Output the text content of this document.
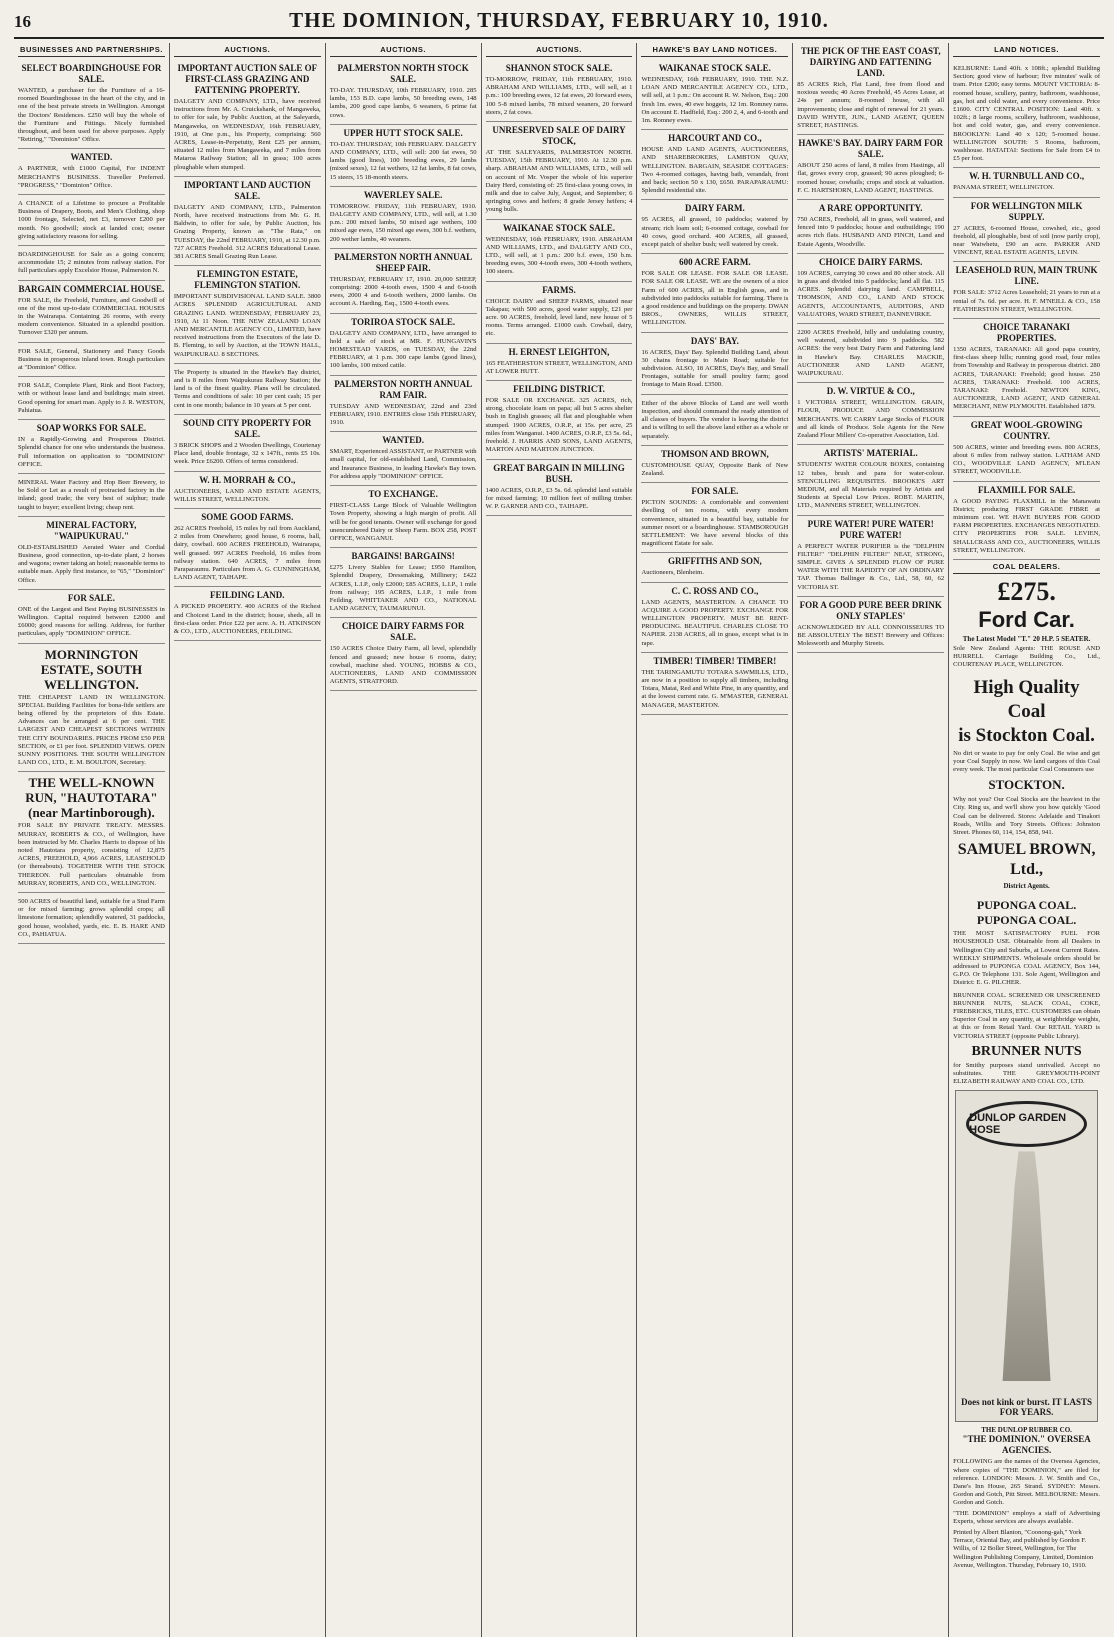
16	THE DOMINION, THURSDAY, FEBRUARY 10, 1910.
BUSINESSES AND PARTNERSHIPS.
SELECT BOARDINGHOUSE FOR SALE.
WANTED, a purchaser for the Furniture of a 16-roomed Boardinghouse in the heart of the city, and in one of the best private streets in Wellington. Amongst the Doctors' Residences. £250 will buy the whole of the Furniture and Fittings. Nicely furnished throughout, and been used for above purposes. Apply "Retiring," "Dominion" Office.
WANTED.
A PARTNER, with £1000 Capital, For INDENT MERCHANT'S BUSINESS. Traveller Preferred. "PROGRESS," "Dominion" Office.
A CHANCE of a Lifetime to procure a Profitable Business of Drapery, Boots, and Men's Clothing, shop 1000 frontage, Selected, net £3, turnover £200 per month. No goodwill; stock at landed cost; owner giving satisfactory reasons for selling.
BOARDINGHOUSE for Sale as a going concern; accommodate 15; 2 minutes from railway station. For full particulars apply Excelsior House, Palmerston N.
BARGAIN COMMERCIAL HOUSE.
FOR SALE, the Freehold, Furniture, and Goodwill of one of the most up-to-date COMMERCIAL HOUSES in the Wairarapa. Containing 26 rooms, with every modern convenience. Situated in a splendid position. Turnover £320 per annum.
FOR SALE, General, Stationery and Fancy Goods Business in prosperous inland town. Rough particulars at "Dominion" Office.
FOR SALE, Complete Plant, Rink and Boot Factory, with or without lease land and buildings; main street. Good opening for smart man. Apply to J. R. WESTON, Pahiatua.
SOAP WORKS FOR SALE.
IN a Rapidly-Growing and Prosperous District. Splendid chance for one who understands the business. Full information on application to "DOMINION" OFFICE.
MINERAL Water Factory and Hop Beer Brewery, to be Sold or Let as a result of protracted factory in the inland; good trade; the very best of sulphur; trade taught to buyer; excellent living; cheap rent.
MINERAL FACTORY, "WAIPUKURAU."
OLD-ESTABLISHED Aerated Water and Cordial Business, good connection, up-to-date plant, 2 horses and wagons; owner taking an hotel; reasonable terms to suitable man. Apply first instance, to "65," "Dominion" Office.
FOR SALE.
ONE of the Largest and Best Paying BUSINESSES in Wellington. Capital required between £2000 and £6000; good reasons for selling. Address, for further particulars, apply "DOMINION" OFFICE.
MORNINGTON ESTATE, SOUTH WELLINGTON.
THE CHEAPEST LAND IN WELLINGTON. SPECIAL Building Facilities for bona-fide settlers are being offered by the proprietors of this Estate. Advances can be arranged at 6 per cent. THE LARGEST AND CHEAPEST SECTIONS WITHIN THE CITY BOUNDARIES. PRICES FROM £50 PER SECTION, or £1 per foot. SPLENDID VIEWS. OPEN SUNNY POSITIONS. THE SOUTH WELLINGTON LAND CO., LTD., E. M. BOULTON, Secretary.
THE WELL-KNOWN RUN, "HAUTOTARA" (near Martinborough).
FOR SALE BY PRIVATE TREATY. MESSRS. MURRAY, ROBERTS & CO., of Wellington, have been instructed by Mr. Charles Harris to dispose of his noted Hautotara property, consisting of 12,875 ACRES, FREEHOLD, 4,966 ACRES, LEASEHOLD (or thereabouts). TOGETHER WITH THE STOCK THEREON. Full particulars obtainable from MURRAY, ROBERTS, AND CO., WELLINGTON.
500 ACRES of beautiful land, suitable for a Stud Farm or for mixed farming; grows splendid crops; all limestone formation; splendidly watered, 31 paddocks, good house, woolshed, yards, etc. E. B. HARE AND CO., PAHIATUA.
AUCTIONS.
IMPORTANT AUCTION SALE OF FIRST-CLASS GRAZING AND FATTENING PROPERTY.
DALGETY AND COMPANY, LTD., have received instructions from Mr. A. Cruickshank, of Mangaweka, to offer for sale, by Public Auction, at the Saleyards, Mangaweka, on WEDNESDAY, 16th FEBRUARY, 1910, at One p.m., his Property, comprising: 560 ACRES, Lease-in-Perpetuity, Rent £25 per annum, situated 12 miles from Mangaweka, and 7 miles from Mataroa Railway Station; all in grass; 100 acres ploughable when stumped.
IMPORTANT LAND AUCTION SALE.
DALGETY AND COMPANY, LTD., Palmerston North, have received instructions from Mr. G. H. Baldwin, to offer for sale, by Public Auction, his Grazing Property, known as "The Rata," on TUESDAY, the 22nd FEBRUARY, 1910, at 12.30 p.m. 727 ACRES Freehold. 312 ACRES Educational Lease. 381 ACRES Small Grazing Run Lease.
FLEMINGTON ESTATE, FLEMINGTON STATION.
IMPORTANT SUBDIVISIONAL LAND SALE. 3800 ACRES SPLENDID AGRICULTURAL AND GRAZING LAND. WEDNESDAY, FEBRUARY 23, 1910, At 11 Noon. THE NEW ZEALAND LOAN AND MERCANTILE AGENCY CO., LIMITED, have received instructions from the Executors of the late D. B. Fleming, to sell by Auction, at the TOWN HALL, WAIPUKURAU. 8 SECTIONS.
The Property is situated in the Hawke's Bay district, and is 8 miles from Waipukurau Railway Station; the land is of the finest quality. Plans will be circulated. Terms and conditions of sale: 10 per cent cash; 15 per cent in one month; balance in 10 years at 5 per cent.
SOUND CITY PROPERTY FOR SALE.
3 BRICK SHOPS and 2 Wooden Dwellings, Courtenay Place land, double frontage, 32 x 147ft., rents £5 10s. week. Price £6200. Offers of terms considered.
W. H. MORRAH & CO.,
AUCTIONEERS, LAND AND ESTATE AGENTS, WILLIS STREET, WELLINGTON.
SOME GOOD FARMS.
262 ACRES Freehold, 15 miles by rail from Auckland, 2 miles from Onewhero; good house, 6 rooms, hall, dairy, cowbail. 600 ACRES FREEHOLD, Wairarapa, well grassed. 997 ACRES Freehold, 16 miles from railway station. 640 ACRES, 7 miles from Paraparaumu. Particulars from A. G. CUNNINGHAM, LAND AGENT, TAIHAPE.
FEILDING LAND.
A PICKED PROPERTY. 400 ACRES of the Richest and Choicest Land in the district; house, sheds, all in first-class order. Price £22 per acre. A. H. ATKINSON & CO., LTD., AUCTIONEERS, FEILDING.
AUCTIONS.
PALMERSTON NORTH STOCK SALE.
TO-DAY. THURSDAY, 10th FEBRUARY, 1910. 285 lambs, 153 B.D. cape lambs, 50 breeding ewes, 148 lambs, 200 good cape lambs, 6 weaners, 6 prime fat cows.
UPPER HUTT STOCK SALE.
TO-DAY. THURSDAY, 10th FEBRUARY. DALGETY AND COMPANY, LTD., will sell: 200 fat ewes, 50 lambs (good lines), 100 breeding ewes, 29 lambs (mixed sexes), 12 fat wethers, 12 fat lambs, 8 fat cows, 15 steers, 15 18-month steers.
WAVERLEY SALE.
TOMORROW. FRIDAY, 11th FEBRUARY, 1910. DALGETY AND COMPANY, LTD., will sell, at 1.30 p.m.: 200 mixed lambs, 50 mixed age wethers, 100 mixed age ewes, 150 mixed age ewes, 300 b.f. wethers, 200 wether lambs, 40 weaners.
PALMERSTON NORTH ANNUAL SHEEP FAIR.
THURSDAY, FEBRUARY 17, 1910. 20,000 SHEEP, comprising: 2000 4-tooth ewes, 1500 4 and 6-tooth ewes, 2000 4 and 6-tooth wethers, 2000 lambs. On account A. Harding, Esq., 1500 4-tooth ewes.
TORIROA STOCK SALE.
DALGETY AND COMPANY, LTD., have arranged to hold a sale of stock at MR. F. HUNGAVIN'S HOMESTEAD YARDS, on TUESDAY, the 22nd FEBRUARY, at 1 p.m. 300 cape lambs (good lines), 100 lambs, 100 mixed cattle.
PALMERSTON NORTH ANNUAL RAM FAIR.
TUESDAY AND WEDNESDAY, 22nd and 23rd FEBRUARY, 1910. ENTRIES close 15th FEBRUARY, 1910.
WANTED.
SMART, Experienced ASSISTANT, or PARTNER with small capital, for old-established Land, Commission, and Insurance Business, in leading Hawke's Bay town. For address apply "DOMINION" OFFICE.
TO EXCHANGE.
FIRST-CLASS Large Block of Valuable Wellington Town Property, showing a high margin of profit. All will be for good tenants. Owner will exchange for good unencumbered Dairy or Sheep Farm. BOX 258, POST OFFICE, WANGANUI.
BARGAINS! BARGAINS!
£275 Livery Stables for Lease; £950 Hamilton, Splendid Drapery, Dressmaking, Millinery; £422 ACRES, L.I.P., only £2000; £85 ACRES, L.I.P., 1 mile from railway; 195 ACRES, L.I.P., 1 mile from Feilding. WHITTAKER AND CO., NATIONAL LAND AGENCY, TAUMARUNUI.
CHOICE DAIRY FARMS FOR SALE.
150 ACRES Choice Dairy Farm, all level, splendidly fenced and grassed; new house 6 rooms, dairy; cowbail, machine shed. YOUNG, HOBBS & CO., AUCTIONEERS, LAND AND COMMISSION AGENTS, STRATFORD.
AUCTIONS.
SHANNON STOCK SALE.
TO-MORROW, FRIDAY, 11th FEBRUARY, 1910. ABRAHAM AND WILLIAMS, LTD., will sell, at 1 p.m.: 100 breeding ewes, 12 fat ewes, 20 forward ewes, 100 5-8 mixed lambs, 78 mixed weaners, 20 forward steers, 2 fat cows.
UNRESERVED SALE OF DAIRY STOCK,
AT THE SALEYARDS, PALMERSTON NORTH. TUESDAY, 15th FEBRUARY, 1910. At 12.30 p.m. sharp. ABRAHAM AND WILLIAMS, LTD., will sell on account of Mr. Vosper the whole of his superior Dairy Herd, consisting of: 25 first-class young cows, in milk and due to calve July, August, and September; 6 springing cows and heifers; 8 grade Jersey heifers; 4 young bulls.
WAIKANAE STOCK SALE.
WEDNESDAY, 16th FEBRUARY, 1910. ABRAHAM AND WILLIAMS, LTD., and DALGETY AND CO., LTD., will sell, at 1 p.m.: 200 b.f. ewes, 150 b.m. breeding ewes, 300 4-tooth ewes, 300 4-tooth wethers, 100 steers.
FARMS.
CHOICE DAIRY and SHEEP FARMS, situated near Takapau; with 500 acres, good water supply, £21 per acre. 90 ACRES, freehold, level land, new house of 5 rooms. Terms arranged. £1000 cash. Cowbail, dairy, etc.
H. ERNEST LEIGHTON,
165 FEATHERSTON STREET, WELLINGTON, AND AT LOWER HUTT.
FEILDING DISTRICT.
FOR SALE OR EXCHANGE. 325 ACRES, rich, strong, chocolate loam on papa; all but 5 acres shelter bush in English grasses; all flat and ploughable when stumped. 1900 ACRES, O.R.P., at 15s. per acre, 25 miles from Wanganui. 1400 ACRES, O.R.P., £3 5s. 6d., freehold. J. HARRIS AND SONS, LAND AGENTS, MARTON AND MARTON JUNCTION.
GREAT BARGAIN IN MILLING BUSH.
1400 ACRES, O.R.P., £3 5s. 6d. splendid land suitable for mixed farming; 10 million feet of milling timber. W. P. GARNER AND CO., TAIHAPE.
HAWKE'S BAY LAND NOTICES.
WAIKANAE STOCK SALE.
WEDNESDAY, 16th FEBRUARY, 1910. THE N.Z. LOAN AND MERCANTILE AGENCY CO., LTD., will sell, at 1 p.m.: On account R. W. Nelson, Esq.: 200 fresh 1m. ewes, 40 ewe hoggets, 12 1m. Romney rams. On account E. Hadfield, Esq.: 200 2, 4, and 6-tooth and 1m. Romney ewes.
HARCOURT AND CO.,
HOUSE AND LAND AGENTS, AUCTIONEERS, AND SHAREBROKERS, LAMBTON QUAY, WELLINGTON. BARGAIN, SEASIDE COTTAGES: Two 4-roomed cottages, having bath, verandah, front and back; section 50 x 130, £650. PARAPARAUMU: Splendid residential site.
DAIRY FARM.
95 ACRES, all grassed, 10 paddocks; watered by stream; rich loam soil; 6-roomed cottage, cowbail for 40 cows, good orchard. 400 ACRES, all grassed, except patch of shelter bush; well watered by creek.
600 ACRE FARM.
FOR SALE OR LEASE. FOR SALE OR LEASE. FOR SALE OR LEASE. WE are the owners of a nice Farm of 600 ACRES, all in English grass, and in subdivided into paddocks suitable for farming. There is a good residence and buildings on the property. DWAN BROS., OWNERS, WILLIS STREET, WELLINGTON.
DAYS' BAY.
16 ACRES, Days' Bay. Splendid Building Land, about 30 chains frontage to Main Road; suitable for subdivision. ALSO, 18 ACRES, Day's Bay, and Small Frontages, suitable for small poultry farm; good frontage to Main Road. £3500.
Either of the above Blocks of Land are well worth inspection, and should command the ready attention of all classes of buyers. The vendor is leaving the district and is willing to sell the above land either as a whole or separately.
THOMSON AND BROWN,
CUSTOMHOUSE QUAY, Opposite Bank of New Zealand.
FOR SALE.
PICTON SOUNDS: A comfortable and convenient dwelling of ten rooms, with every modern convenience, situated in a beautiful bay, suitable for summer resort or a boardinghouse. STAMBOROUGH SETTLEMENT: We have several blocks of this magnificent Estate for sale.
GRIFFITHS AND SON,
Auctioneers, Blenheim.
C. C. ROSS AND CO.,
LAND AGENTS, MASTERTON. A CHANCE TO ACQUIRE A GOOD PROPERTY. EXCHANGE FOR WELLINGTON PROPERTY. MUST BE RENT-PRODUCING. BEAUTIFUL CHARLES CLOSE TO NAPIER. 2138 ACRES, all in grass, except what is in rape.
TIMBER! TIMBER! TIMBER!
THE TARINGAMUTU TOTARA SAWMILLS, LTD., are now in a position to supply all timbers, including Totara, Matai, Red and White Pine, in any quantity, and at the lowest current rate. G. M'MASTER, GENERAL MANAGER, MASTERTON.
THE PICK OF THE EAST COAST, DAIRYING AND FATTENING LAND.
85 ACRES Rich, Flat Land, free from flood and noxious weeds; 40 Acres Freehold, 45 Acres Lease, at 24s per annum; 8-roomed house, with all improvements; close and right of renewal for 21 years. DAVID WHYTE, JUN., LAND AGENT, QUEEN STREET, HASTINGS.
HAWKE'S BAY. DAIRY FARM FOR SALE.
ABOUT 250 acres of land, 8 miles from Hastings, all flat, grows every crop, grassed; 90 acres ploughed; 6-roomed house; cowbails; crops and stock at valuation. F. C. HARTSHORN, LAND AGENT, HASTINGS.
A RARE OPPORTUNITY.
750 ACRES, Freehold, all in grass, well watered, and fenced into 9 paddocks; house and outbuildings; 190 acres rich flats. HUSBAND AND FINCH, Land and Estate Agents, Woodville.
CHOICE DAIRY FARMS.
109 ACRES, carrying 30 cows and 80 other stock. All in grass and divided into 5 paddocks; land all flat. 115 ACRES. Splendid dairying land. CAMPBELL, THOMSON, AND CO., LAND AND STOCK AGENTS, ACCOUNTANTS, AUDITORS, AND VALUATORS, WARD STREET, DANNEVIRKE.
2200 ACRES Freehold, hilly and undulating country, well watered, subdivided into 9 paddocks. 582 ACRES: the very best Dairy Farm and Fattening land in Hawke's Bay. CHARLES MACKIE, AUCTIONEER AND LAND AGENT, WAIPUKURAU.
D. W. VIRTUE & CO.,
1 VICTORIA STREET, WELLINGTON. GRAIN, FLOUR, PRODUCE AND COMMISSION MERCHANTS. WE CARRY Large Stocks of FLOUR and all kinds of Produce. Sole Agents for the New Zealand Flour Millers' Co-operative Association, Ltd.
ARTISTS' MATERIAL.
STUDENTS' WATER COLOUR BOXES, containing 12 tubes, brush and pans for water-colour. STENCILLING REQUISITES. BROOKE'S ART MEDIUM, and all Materials required by Artists and Students at Special Low Prices. ROBT. MARTIN, LTD., MANNERS STREET, WELLINGTON.
PURE WATER! PURE WATER! PURE WATER!
A PERFECT WATER PURIFIER is the "DELPHIN FILTER!" "DELPHIN FILTER!" NEAT, STRONG, SIMPLE. GIVES A SPLENDID FLOW OF PURE WATER WITH THE RAPIDITY OF AN ORDINARY TAP. Thomas Ballinger & Co., Ltd., 58, 60, 62 VICTORIA ST.
FOR A GOOD PURE BEER DRINK ONLY STAPLES'
ACKNOWLEDGED BY ALL CONNOISSEURS TO BE ABSOLUTELY The BEST! Brewery and Offices: Molesworth and Murphy Streets.
LAND NOTICES.
KELBURNE: Land 40ft. x 108ft.; splendid Building Section; good view of harbour; five minutes' walk of tram. Price £200; easy terms. MOUNT VICTORIA: 8-roomed house, scullery, pantry, bathroom, washhouse, gas, hot and cold water, and every convenience. Price £1600. CITY CENTRAL POSITION: Land 40ft. x 102ft.; 8 large rooms, scullery, bathroom, washhouse, hot and cold water, gas, and every convenience. BROOKLYN: Land 40 x 120; 5-roomed house. WELLINGTON SOUTH: 5 Rooms, bathroom, washhouse. HATAITAI: Sections for Sale from £4 to £5 per foot.
W. H. TURNBULL AND CO.,
PANAMA STREET, WELLINGTON.
FOR WELLINGTON MILK SUPPLY.
27 ACRES, 6-roomed House, cowshed, etc., good freehold, all ploughable, best of soil (now partly crop), near Waiwhetu, £90 an acre. PARKER AND VINCENT, REAL ESTATE AGENTS, LEVIN.
LEASEHOLD RUN, MAIN TRUNK LINE.
FOR SALE: 3712 Acres Leasehold; 21 years to run at a rental of 7s. 6d. per acre. H. F. M'NEILL & CO., 158 FEATHERSTON STREET, WELLINGTON.
CHOICE TARANAKI PROPERTIES.
1350 ACRES, TARANAKI: All good papa country, first-class sheep hills; running good road, four miles from Township and Railway in prosperous district. 280 ACRES, TARANAKI: Freehold; good house. 250 ACRES, TARANAKI: Freehold. 100 ACRES, TARANAKI: Freehold. NEWTON KING, AUCTIONEER, LAND AGENT, AND GENERAL MERCHANT, NEW PLYMOUTH. Established 1879.
GREAT WOOL-GROWING COUNTRY.
500 ACRES, winter and breeding ewes. 800 ACRES, about 6 miles from railway station. LATHAM AND CO., WOODVILLE LAND AGENCY, M'LEAN STREET, WOODVILLE.
FLAXMILL FOR SALE.
A GOOD PAYING FLAXMILL in the Manawatu District; producing FIRST GRADE FIBRE at minimum cost. WE HAVE BUYERS FOR GOOD FARM PROPERTIES. EXCHANGES NEGOTIATED. CITY PROPERTIES FOR SALE. LEVIEN, SHALLCRASS AND CO., AUCTIONEERS, WILLIS STREET, WELLINGTON.
COAL DEALERS.
£275.
Ford Car.
The Latest Model "T." 20 H.P. 5 SEATER.
Sole New Zealand Agents: THE ROUSE AND HURRELL Carriage Building Co., Ltd., COURTENAY PLACE, WELLINGTON.
High Quality Coal
is Stockton Coal.
No dirt or waste to pay for only Coal. Be wise and get your Coal Supply in now. We land cargoes of this Coal every week. The most particular Coal Consumers use
STOCKTON.
Why not you? Our Coal Stocks are the heaviest in the City. Ring us, and we'll show you how quickly 'Good Coal can be delivered. Stores: Adelaide and Tinakori Roads, Willis and Tory Streets. Offices: Johnston Street. Phones 60, 114, 154, 858, 941.
SAMUEL BROWN, Ltd.,
District Agents.
PUPONGA COAL.
PUPONGA COAL.
THE MOST SATISFACTORY FUEL FOR HOUSEHOLD USE. Obtainable from all Dealers in Wellington City and Suburbs, at Lowest Current Rates. WEEKLY SHIPMENTS. Wholesale orders should be addressed to PUPONGA COAL AGENCY, Box 144, G.P.O. Or Telephone 131. Sole Agent, Wellington and District: E. G. PILCHER.
BRUNNER COAL. SCREENED OR UNSCREENED BRUNNER NUTS, SLACK COAL, COKE, FIREBRICKS, TILES, ETC. CUSTOMERS can obtain Superior Coal in any quantity, at weighbridge weights, at this or from Retail Yard. Our RETAIL YARD is VICTORIA STREET (opposite Public Library).
BRUNNER NUTS
for Smithy purposes stand unrivalled. Accept no substitutes. THE GREYMOUTH-POINT ELIZABETH RAILWAY AND COAL CO., LTD.
DUNLOP GARDEN HOSE
Does not kink or burst. IT LASTS FOR YEARS.
THE DUNLOP RUBBER CO.
"THE DOMINION." OVERSEA AGENCIES.
FOLLOWING are the names of the Oversea Agencies, where copies of "THE DOMINION," are filed for reference. LONDON: Messrs. J. W. Smith and Co., Dane's Inn House, 265 Strand. SYDNEY: Messrs. Gordon and Gotch, Pitt Street. MELBOURNE: Messrs. Gordon and Gotch.
"THE DOMINION" employs a staff of Advertising Experts, whose services are always available.
Printed by Albert Blanton, "Coonong-gah," York Terrace, Oriental Bay, and published by Gordon F. Willis, of 12 Boller Street, Wellington, for The Wellington Publishing Company, Limited, Dominion Avenue, Wellington. Thursday, February 10, 1910.
